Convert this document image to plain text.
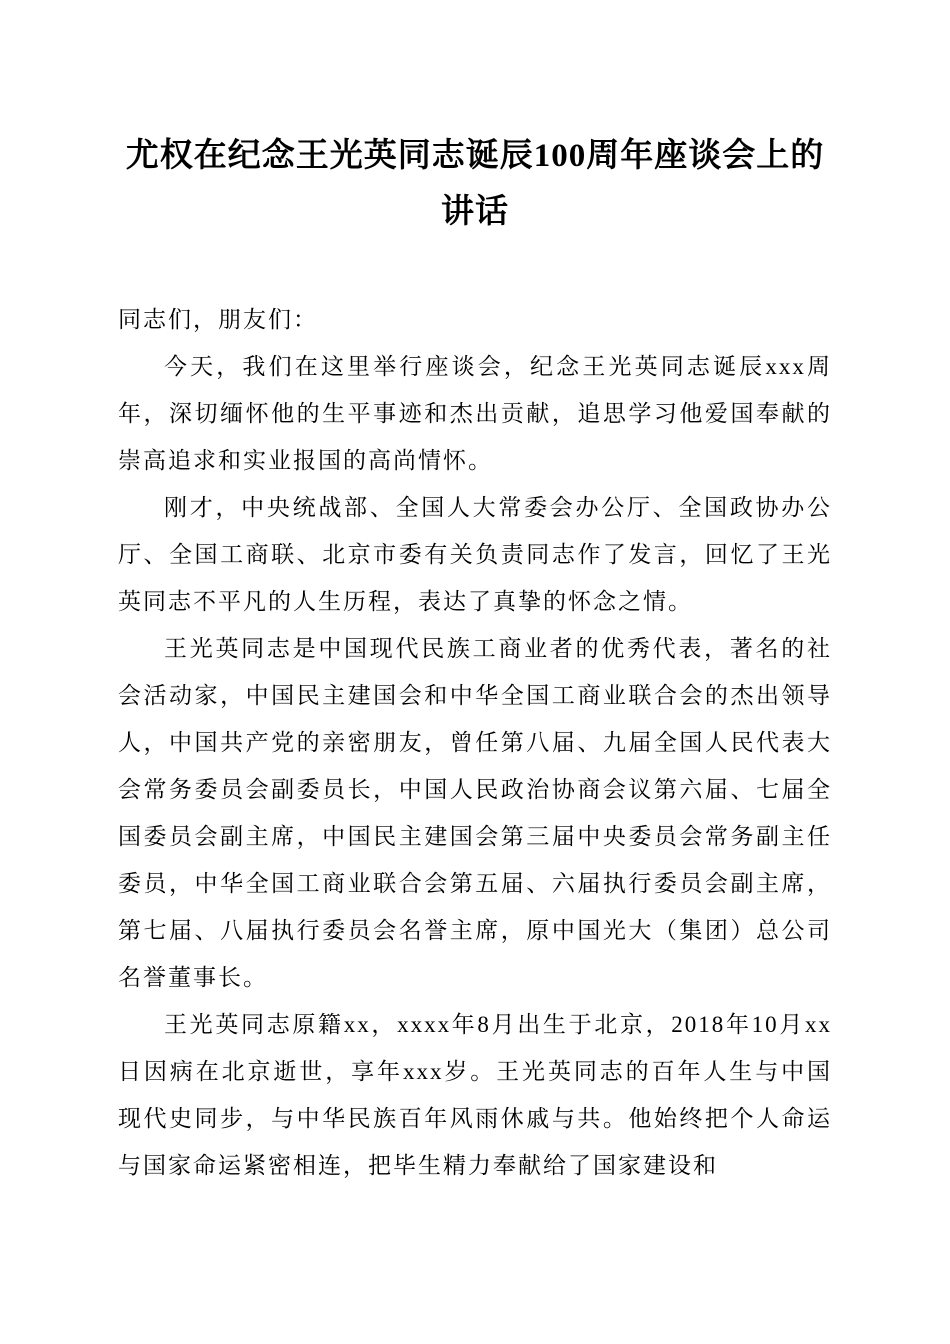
尤权在纪念王光英同志诞辰100周年座谈会上的讲话

同志们，朋友们：

今天，我们在这里举行座谈会，纪念王光英同志诞辰xxx周年，深切缅怀他的生平事迹和杰出贡献，追思学习他爱国奉献的崇高追求和实业报国的高尚情怀。

刚才，中央统战部、全国人大常委会办公厅、全国政协办公厅、全国工商联、北京市委有关负责同志作了发言，回忆了王光英同志不平凡的人生历程，表达了真挚的怀念之情。

王光英同志是中国现代民族工商业者的优秀代表，著名的社会活动家，中国民主建国会和中华全国工商业联合会的杰出领导人，中国共产党的亲密朋友，曾任第八届、九届全国人民代表大会常务委员会副委员长，中国人民政治协商会议第六届、七届全国委员会副主席，中国民主建国会第三届中央委员会常务副主任委员，中华全国工商业联合会第五届、六届执行委员会副主席，第七届、八届执行委员会名誉主席，原中国光大（集团）总公司名誉董事长。

王光英同志原籍xx，xxxx年8月出生于北京，2018年10月xx日因病在北京逝世，享年xxx岁。王光英同志的百年人生与中国现代史同步，与中华民族百年风雨休戚与共。他始终把个人命运与国家命运紧密相连，把毕生精力奉献给了国家建设和
